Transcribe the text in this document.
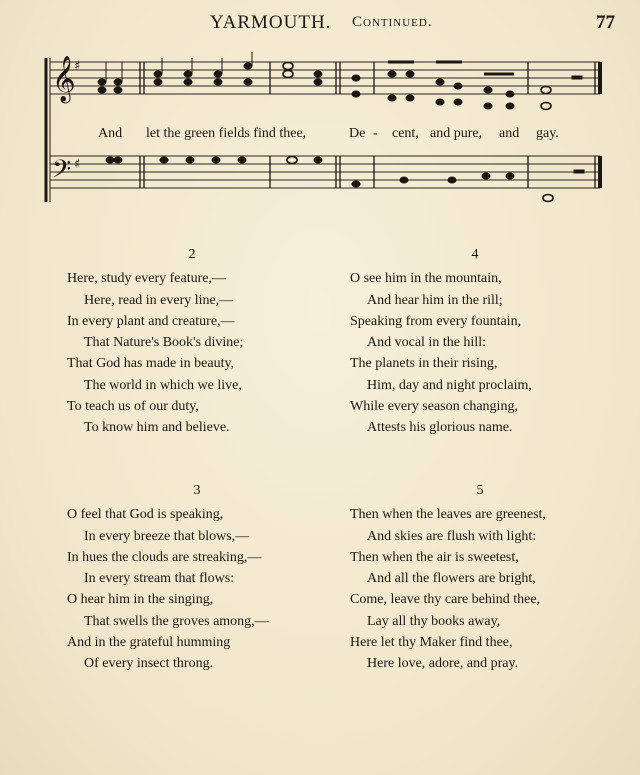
YARMOUTH. Continued.	77
𝄞
𝄢
♯
♯
And let the green fields find thee,	De - cent, and pure, and gay.
2
Here, study every feature,—
Here, read in every line,—
In every plant and creature,—
That Nature's Book's divine;
That God has made in beauty,
The world in which we live,
To teach us of our duty,
To know him and believe.
4
O see him in the mountain,
And hear him in the rill;
Speaking from every fountain,
And vocal in the hill:
The planets in their rising,
Him, day and night proclaim,
While every season changing,
Attests his glorious name.
3
O feel that God is speaking,
In every breeze that blows,—
In hues the clouds are streaking,—
In every stream that flows:
O hear him in the singing,
That swells the groves among,—
And in the grateful humming
Of every insect throng.
5
Then when the leaves are greenest,
And skies are flush with light:
Then when the air is sweetest,
And all the flowers are bright,
Come, leave thy care behind thee,
Lay all thy books away,
Here let thy Maker find thee,
Here love, adore, and pray.
